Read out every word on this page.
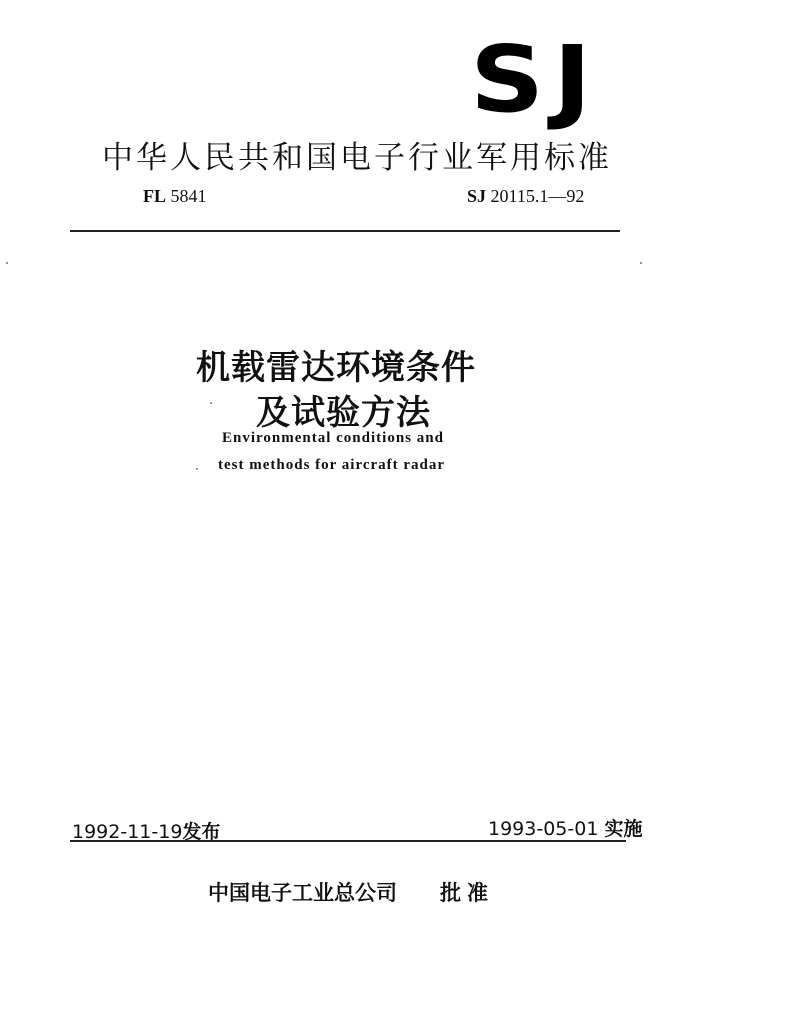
SJ
中华人民共和国电子行业军用标准
FL 5841	SJ 20115.1—92
机载雷达环境条件
及试验方法
Environmental conditions and
test methods for aircraft radar
1992-11-19发布	1993-05-01 实施
中国电子工业总公司 批准
